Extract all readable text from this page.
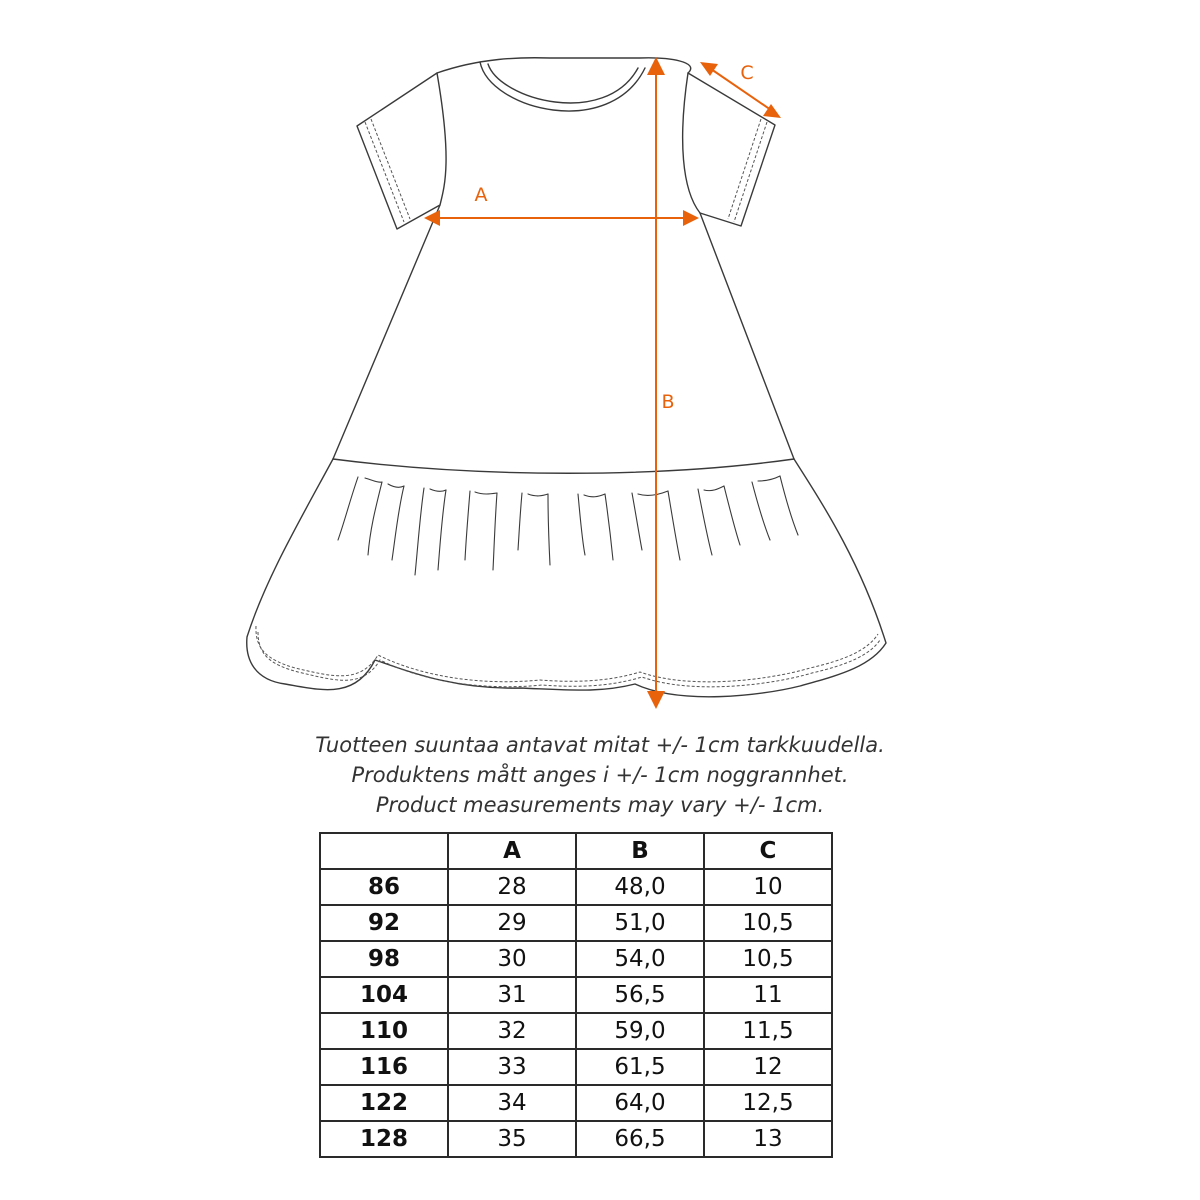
A
B
C
Tuotteen suuntaa antavat mitat +/- 1cm tarkkuudella.
Produktens mått anges i +/- 1cm noggrannhet.
Product measurements may vary +/- 1cm.
	A	B	C
86	28	48,0	10
92	29	51,0	10,5
98	30	54,0	10,5
104	31	56,5	11
110	32	59,0	11,5
116	33	61,5	12
122	34	64,0	12,5
128	35	66,5	13
